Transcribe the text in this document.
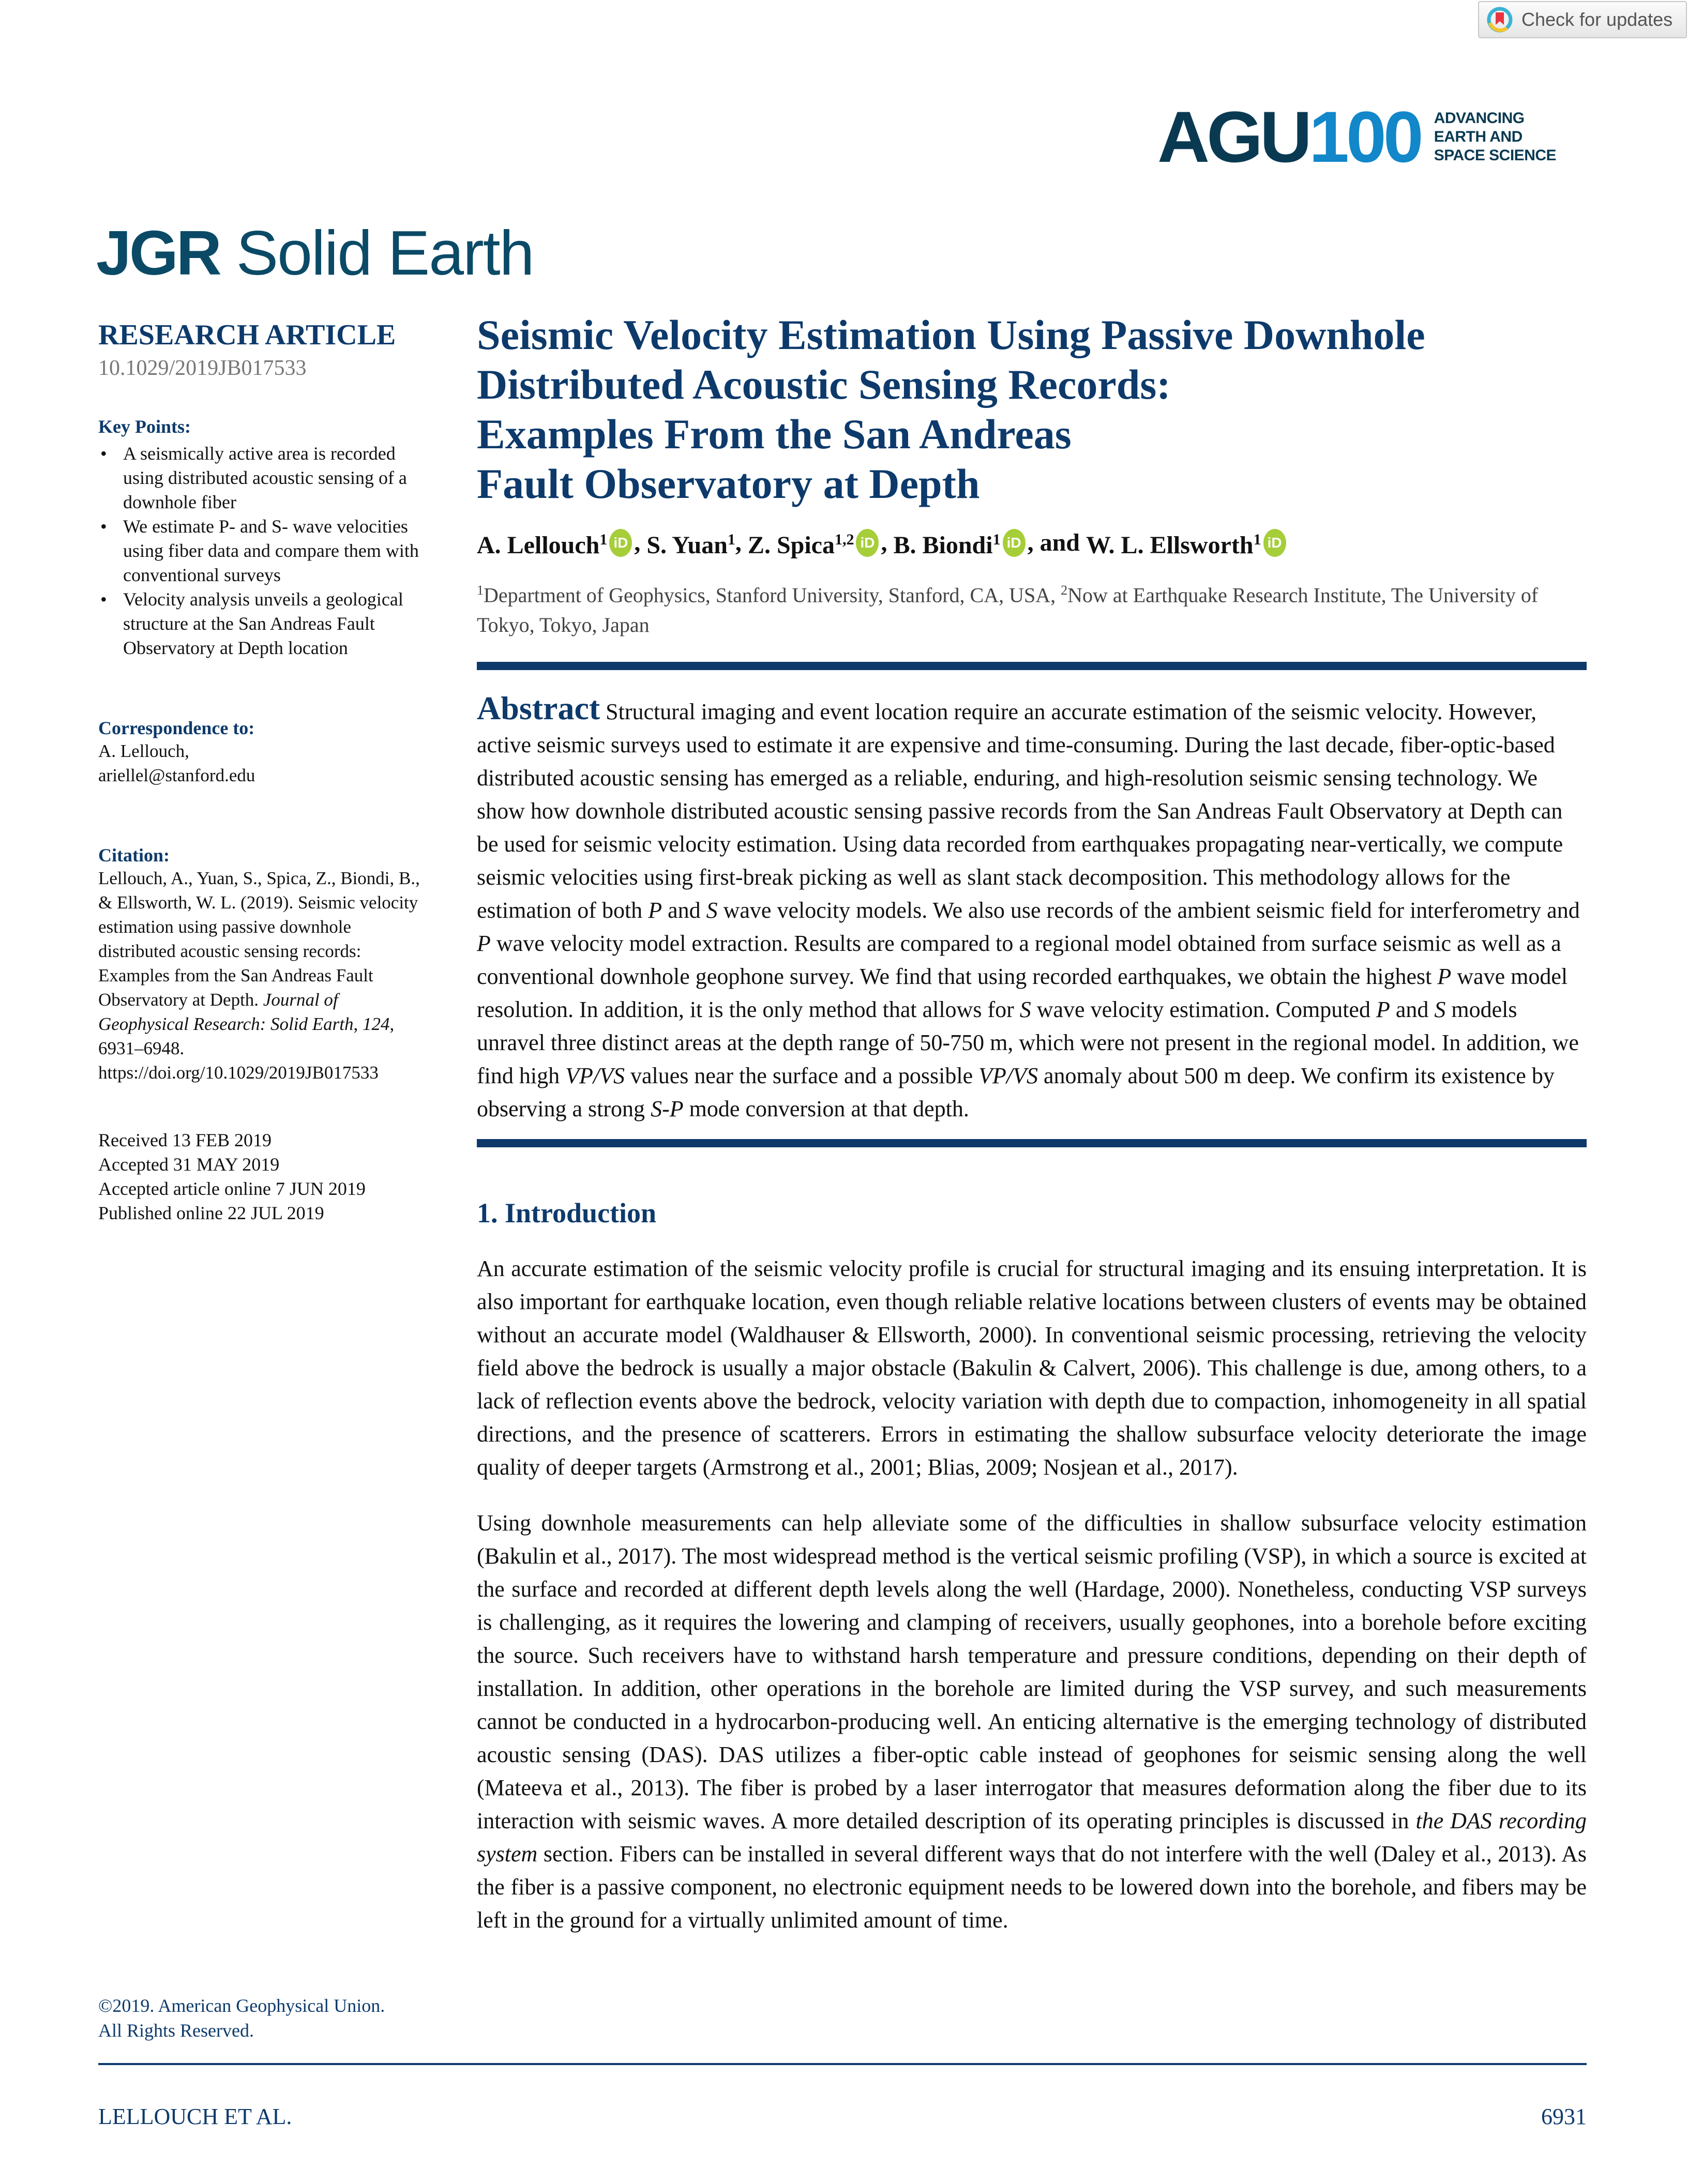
Check for updates
AGU100 ADVANCING
EARTH AND
SPACE SCIENCE
JGR Solid Earth
RESEARCH ARTICLE
10.1029/2019JB017533
Key Points:
• A seismically active area is recorded using distributed acoustic sensing of a downhole fiber
• We estimate P- and S- wave velocities using fiber data and compare them with conventional surveys
• Velocity analysis unveils a geological structure at the San Andreas Fault Observatory at Depth location
Correspondence to:
A. Lellouch,
ariellel@stanford.edu
Citation:
Lellouch, A., Yuan, S., Spica, Z., Biondi, B., & Ellsworth, W. L. (2019). Seismic velocity estimation using passive downhole distributed acoustic sensing records: Examples from the San Andreas Fault Observatory at Depth. Journal of Geophysical Research: Solid Earth, 124, 6931–6948. https://doi.org/10.1029/2019JB017533
Received 13 FEB 2019
Accepted 31 MAY 2019
Accepted article online 7 JUN 2019
Published online 22 JUL 2019
©2019. American Geophysical Union.
All Rights Reserved.
Seismic Velocity Estimation Using Passive Downhole
Distributed Acoustic Sensing Records:
Examples From the San Andreas
Fault Observatory at Depth
A. Lellouch$^1$ iD ,
S. Yuan$^1$ ,
Z. Spica$^{1,2}$ iD ,
B. Biondi$^1$ iD , and W. L. Ellsworth$^1$ iD
$^1$Department of Geophysics, Stanford University, Stanford, CA, USA, $^2$Now at Earthquake Research Institute, The University of Tokyo, Tokyo, Japan
Abstract Structural imaging and event location require an accurate estimation of the seismic velocity. However, active seismic surveys used to estimate it are expensive and time-consuming. During the last decade, fiber-optic-based distributed acoustic sensing has emerged as a reliable, enduring, and high-resolution seismic sensing technology. We show how downhole distributed acoustic sensing passive records from the San Andreas Fault Observatory at Depth can be used for seismic velocity estimation. Using data recorded from earthquakes propagating near-vertically, we compute seismic velocities using first-break picking as well as slant stack decomposition. This methodology allows for the estimation of both P and S wave velocity models. We also use records of the ambient seismic field for interferometry and P wave velocity model extraction. Results are compared to a regional model obtained from surface seismic as well as a conventional downhole geophone survey. We find that using recorded earthquakes, we obtain the highest P wave model resolution. In addition, it is the only method that allows for S wave velocity estimation. Computed P and S models unravel three distinct areas at the depth range of 50-750 m, which were not present in the regional model. In addition, we find high VP/VS values near the surface and a possible VP/VS anomaly about 500 m deep. We confirm its existence by observing a strong S-P mode conversion at that depth.
1. Introduction

An accurate estimation of the seismic velocity profile is crucial for structural imaging and its ensuing interpretation. It is also important for earthquake location, even though reliable relative locations between clusters of events may be obtained without an accurate model (Waldhauser & Ellsworth, 2000). In conventional seismic processing, retrieving the velocity field above the bedrock is usually a major obstacle (Bakulin & Calvert, 2006). This challenge is due, among others, to a lack of reflection events above the bedrock, velocity variation with depth due to compaction, inhomogeneity in all spatial directions, and the presence of scatterers. Errors in estimating the shallow subsurface velocity deteriorate the image quality of deeper targets (Armstrong et al., 2001; Blias, 2009; Nosjean et al., 2017).

Using downhole measurements can help alleviate some of the difficulties in shallow subsurface velocity estimation (Bakulin et al., 2017). The most widespread method is the vertical seismic profiling (VSP), in which a source is excited at the surface and recorded at different depth levels along the well (Hardage, 2000). Nonetheless, conducting VSP surveys is challenging, as it requires the lowering and clamping of receivers, usually geophones, into a borehole before exciting the source. Such receivers have to withstand harsh temperature and pressure conditions, depending on their depth of installation. In addition, other operations in the borehole are limited during the VSP survey, and such measurements cannot be conducted in a hydrocarbon-producing well. An enticing alternative is the emerging technology of distributed acoustic sensing (DAS). DAS utilizes a fiber-optic cable instead of geophones for seismic sensing along the well (Mateeva et al., 2013). The fiber is probed by a laser interrogator that measures deformation along the fiber due to its interaction with seismic waves. A more detailed description of its operating principles is discussed in the DAS recording system section. Fibers can be installed in several different ways that do not interfere with the well (Daley et al., 2013). As the fiber is a passive component, no electronic equipment needs to be lowered down into the borehole, and fibers may be left in the ground for a virtually unlimited amount of time.

LELLOUCH ET AL.	6931
